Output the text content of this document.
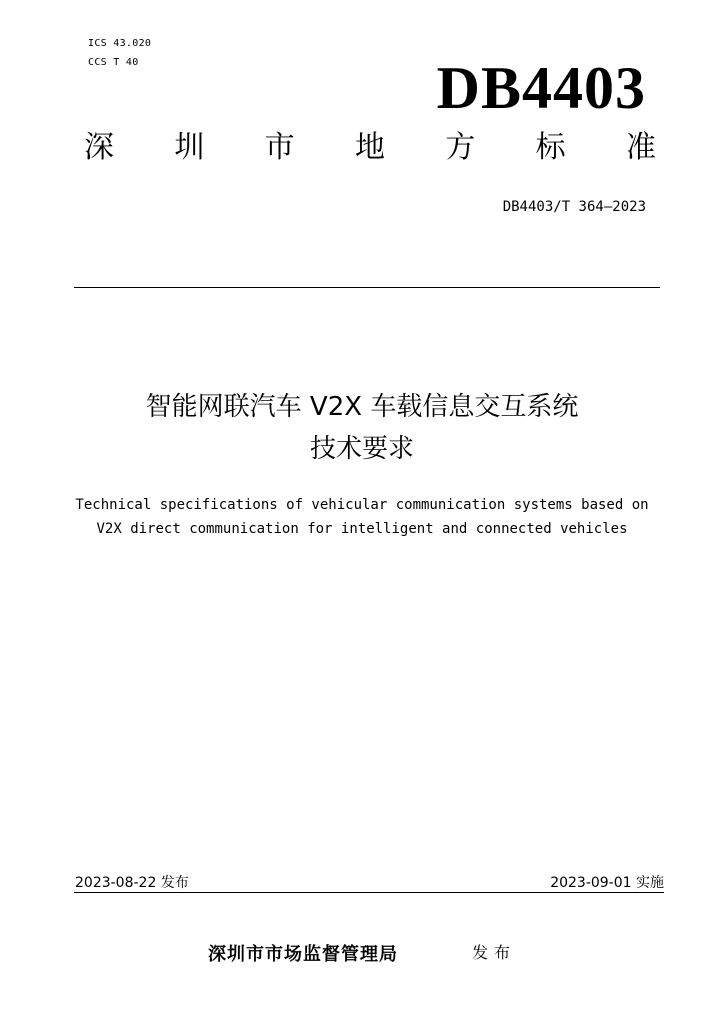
ICS 43.020
CCS T 40	DB4403
深 圳 市 地 方 标 准
DB4403/T 364—2023
智能网联汽车 V2X 车载信息交互系统
技术要求
Technical specifications of vehicular communication systems based on
V2X direct communication for intelligent and connected vehicles
2023-08-22 发布	2023-09-01 实施
深圳市市场监督管理局	发布
